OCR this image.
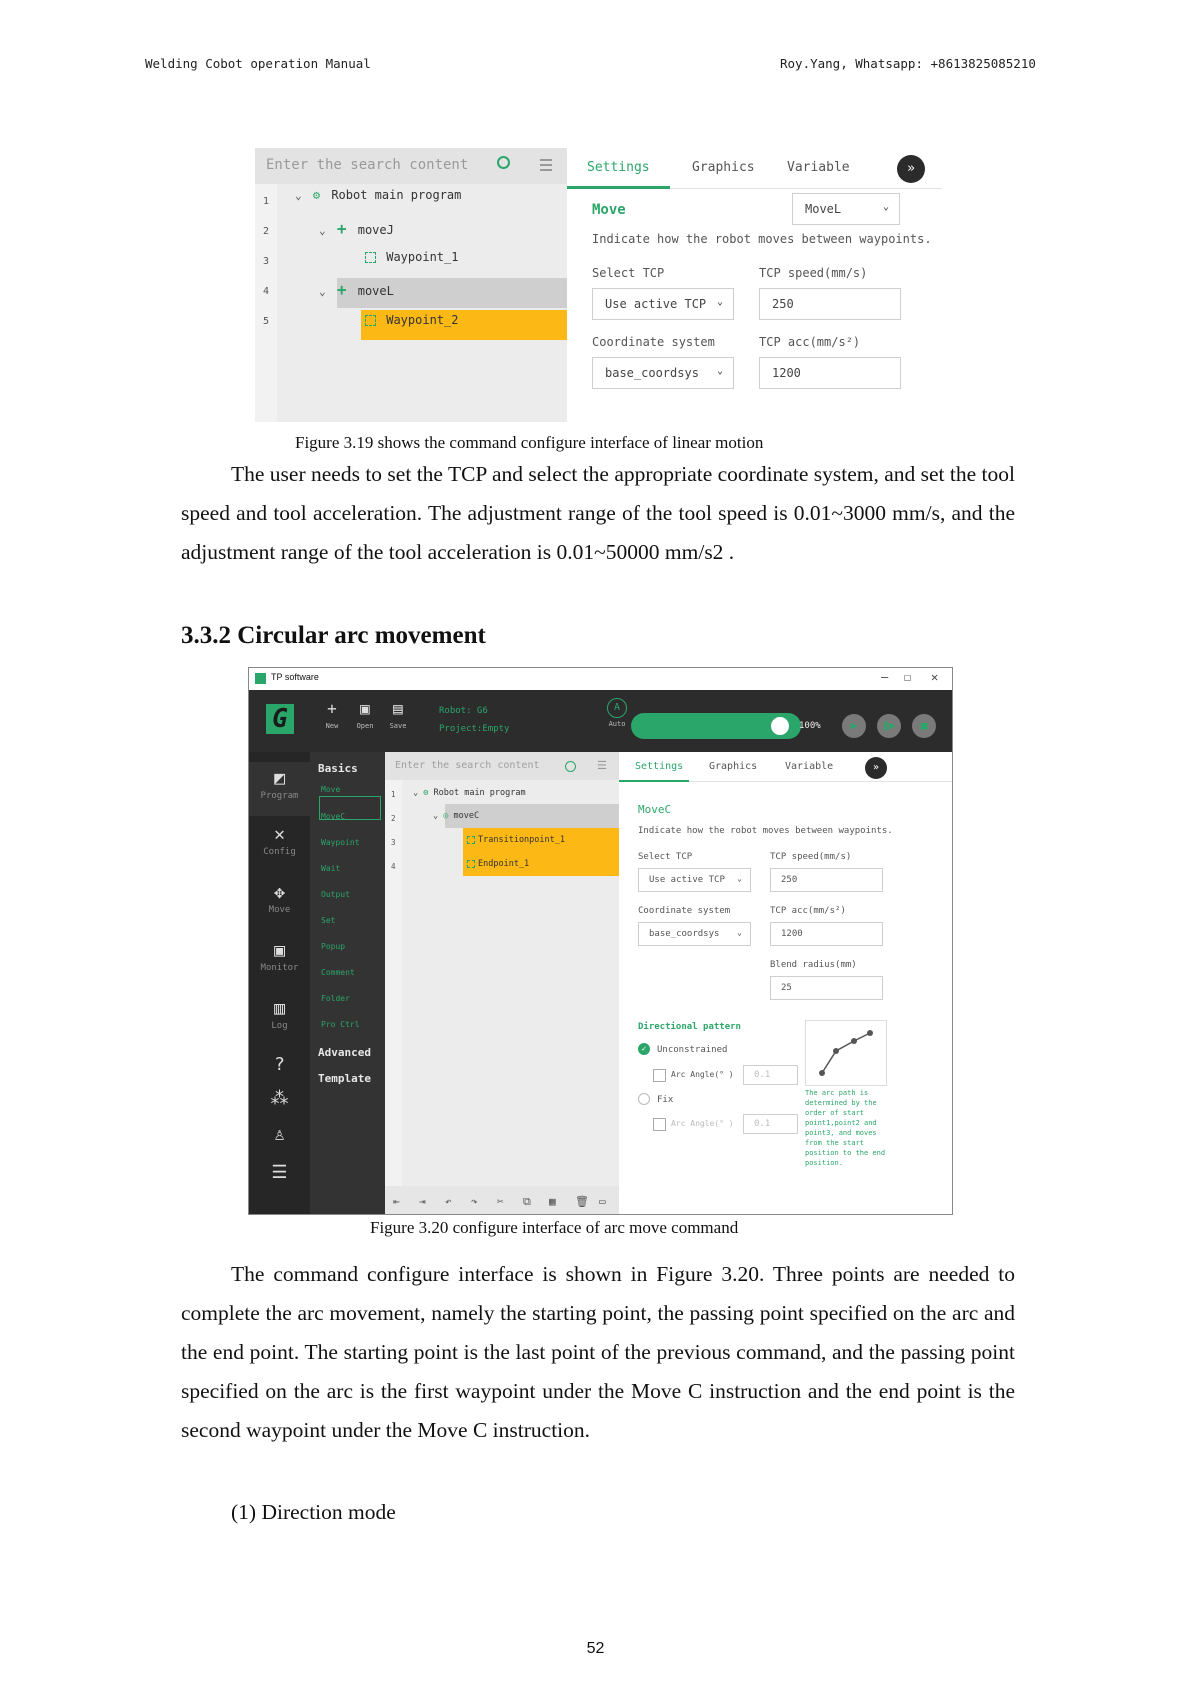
Welding Cobot operation Manual	Roy.Yang, Whatsapp: +8613825085210
Enter the search content
1
2
3
4
5
⌄ ⚙ Robot main program
⌄ + moveJ
Waypoint_1
⌄ + moveL
Waypoint_2
Settings	Graphics Variable	»
Move	MoveL	⌄
Indicate how the robot moves between waypoints.
Select TCP	TCP speed(mm/s)
Use active TCP ⌄	250
Coordinate system	TCP acc(mm/s²)
base_coordsys ⌄	1200
Figure 3.19 shows the command configure interface of linear motion

The user needs to set the TCP and select the appropriate coordinate system, and set the tool speed and tool acceleration. The adjustment range of the tool speed is 0.01~3000 mm/s, and the adjustment range of the tool acceleration is 0.01~50000 mm/s2 .

3.3.2 Circular arc movement
TP software	— ☐ ✕
G	+
New
▣
Open
▤
Save
Robot: G6
Project:Empty
A
Auto	100%	▶	❚▶	■
◩
Program
✕
Config
✥
Move
▣
Monitor
▥
Log
?
⁂
♙
☰
Basics
Move
MoveC
Waypoint
Wait
Output
Set
Popup
Comment
Folder
Pro Ctrl
Advanced
Template
Enter the search content	☰
1
2
3
4
⌄ ⚙ Robot main program
⌄ ◎ moveC
Transitionpoint_1
Endpoint_1
⇤ ⇥ ↶ ↷ ✂ ⧉ ▦ 🗑 ▭
Settings	Graphics	Variable	»
MoveC
Indicate how the robot moves between waypoints.
Select TCP	TCP speed(mm/s)
Use active TCP ⌄	250
Coordinate system	TCP acc(mm/s²)
base_coordsys ⌄	1200
Blend radius(mm)
25
Directional pattern
✓	Unconstrained
Arc Angle(° )	0.1
Fix
Arc Angle(° )	0.1
The arc path is determined by the order of start point1,point2 and point3, and moves from the start position to the end position.
Figure 3.20 configure interface of arc move command

The command configure interface is shown in Figure 3.20. Three points are needed to complete the arc movement, namely the starting point, the passing point specified on the arc and the end point. The starting point is the last point of the previous command, and the passing point specified on the arc is the first waypoint under the Move C instruction and the end point is the second waypoint under the Move C instruction.

(1) Direction mode
52
